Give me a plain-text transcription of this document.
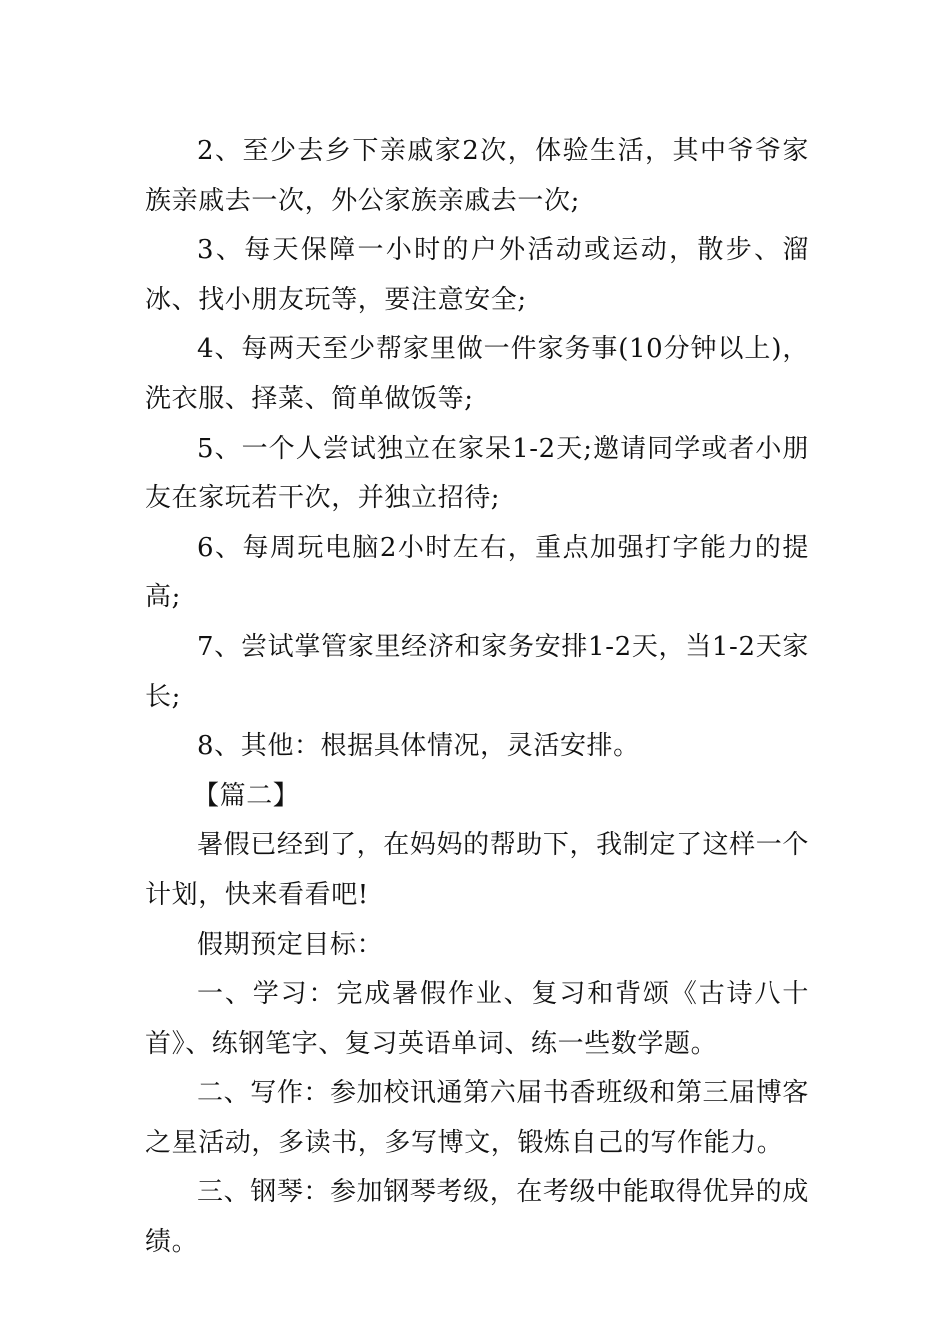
2、至少去乡下亲戚家2次，体验生活，其中爷爷家族亲戚去一次，外公家族亲戚去一次;

3、每天保障一小时的户外活动或运动，散步、溜冰、找小朋友玩等，要注意安全;

4、每两天至少帮家里做一件家务事(10分钟以上)，洗衣服、择菜、简单做饭等;

5、一个人尝试独立在家呆1-2天;邀请同学或者小朋友在家玩若干次，并独立招待;

6、每周玩电脑2小时左右，重点加强打字能力的提高;

7、尝试掌管家里经济和家务安排1-2天，当1-2天家长;

8、其他：根据具体情况，灵活安排。

【篇二】

暑假已经到了，在妈妈的帮助下，我制定了这样一个计划，快来看看吧!

假期预定目标：

一、学习：完成暑假作业、复习和背颂《古诗八十首》、练钢笔字、复习英语单词、练一些数学题。

二、写作：参加校讯通第六届书香班级和第三届博客之星活动，多读书，多写博文，锻炼自己的写作能力。

三、钢琴：参加钢琴考级，在考级中能取得优异的成绩。
